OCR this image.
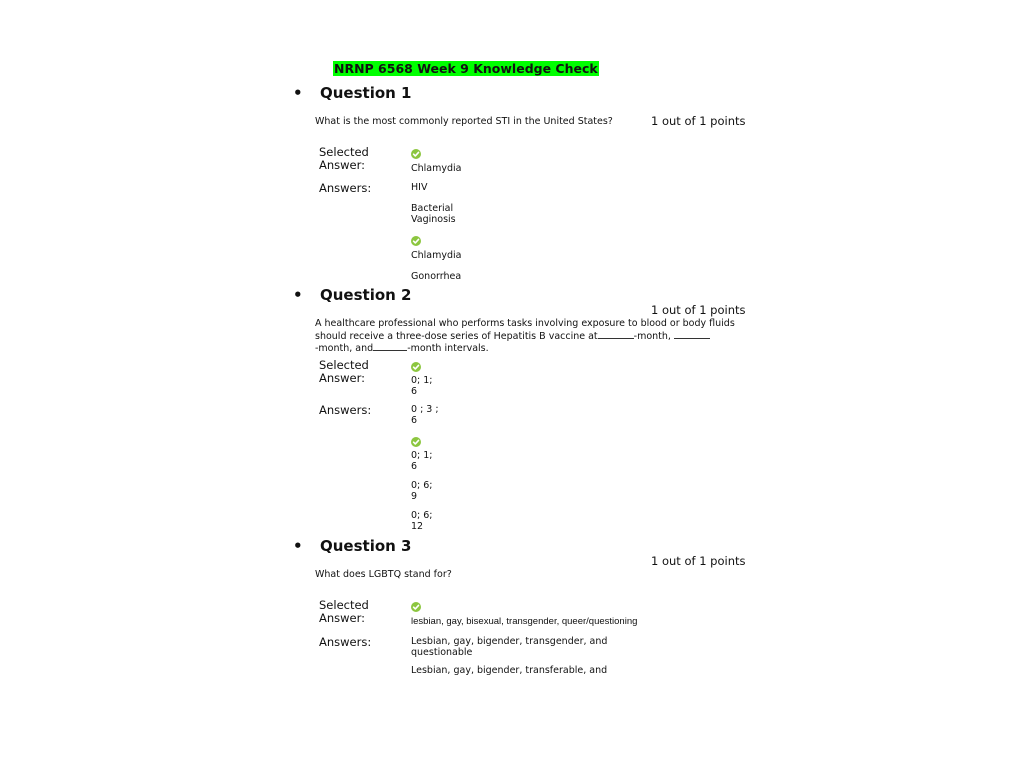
NRNP 6568 Week 9 Knowledge Check
• Question 1
1 out of 1 points
What is the most commonly reported STI in the United States?
Selected
Answer:	Chlamydia
Answers:	HIV
Bacterial
Vaginosis
Chlamydia
Gonorrhea
• Question 2
1 out of 1 points
A healthcare professional who performs tasks involving exposure to blood or body fluids
should receive a three-dose series of Hepatitis B vaccine at	-month,
-month, and	-month intervals.
Selected
Answer:	0; 1;
6
Answers:	0 ; 3 ;
6
0; 1;
6
0; 6;
9
0; 6;
12
• Question 3
1 out of 1 points
What does LGBTQ stand for?
Selected
Answer:	lesbian, gay, bisexual, transgender, queer/questioning
Answers:	Lesbian, gay, bigender, transgender, and
questionable
Lesbian, gay, bigender, transferable, and
